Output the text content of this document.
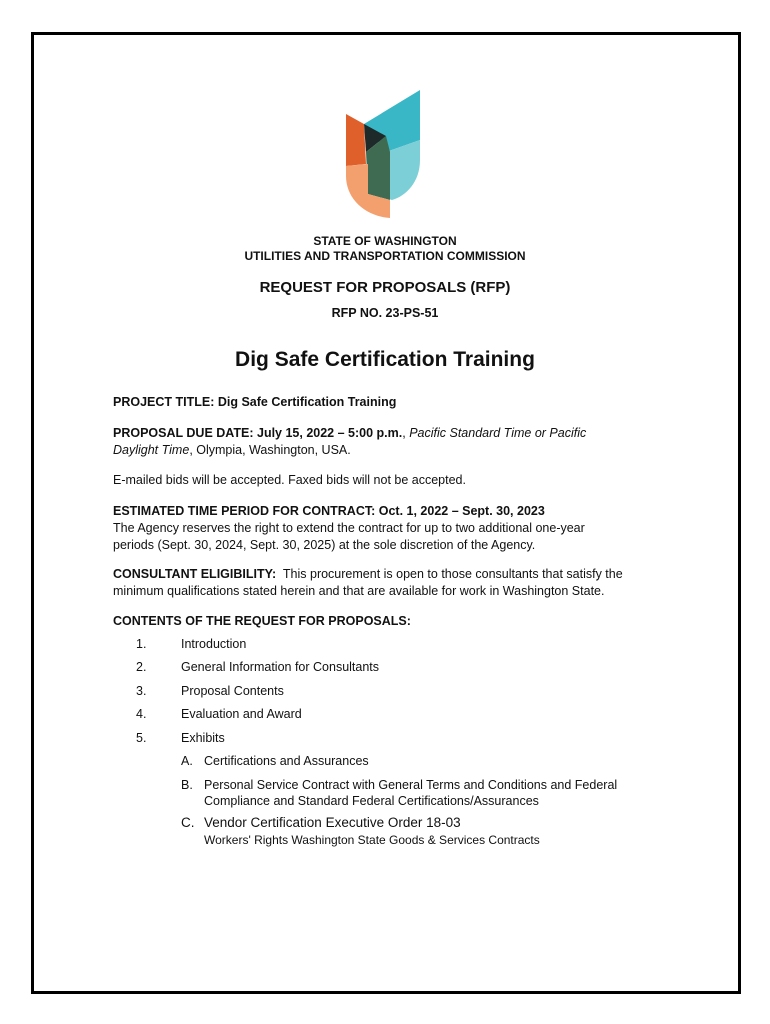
STATE OF WASHINGTON
UTILITIES AND TRANSPORTATION COMMISSION
REQUEST FOR PROPOSALS (RFP)
RFP NO. 23-PS-51
Dig Safe Certification Training
PROJECT TITLE: Dig Safe Certification Training
PROPOSAL DUE DATE: July 15, 2022 – 5:00 p.m., Pacific Standard Time or Pacific
Daylight Time, Olympia, Washington, USA.
E-mailed bids will be accepted. Faxed bids will not be accepted.
ESTIMATED TIME PERIOD FOR CONTRACT: Oct. 1, 2022 – Sept. 30, 2023
The Agency reserves the right to extend the contract for up to two additional one-year
periods (Sept. 30, 2024, Sept. 30, 2025) at the sole discretion of the Agency.
CONSULTANT ELIGIBILITY:  This procurement is open to those consultants that satisfy the
minimum qualifications stated herein and that are available for work in Washington State.
CONTENTS OF THE REQUEST FOR PROPOSALS:
1.	Introduction
2.	General Information for Consultants
3.	Proposal Contents
4.	Evaluation and Award
5.	Exhibits
A. Certifications and Assurances
B. Personal Service Contract with General Terms and Conditions and Federal
Compliance and Standard Federal Certifications/Assurances
C. Vendor Certification Executive Order 18-03
Workers' Rights Washington State Goods & Services Contracts
